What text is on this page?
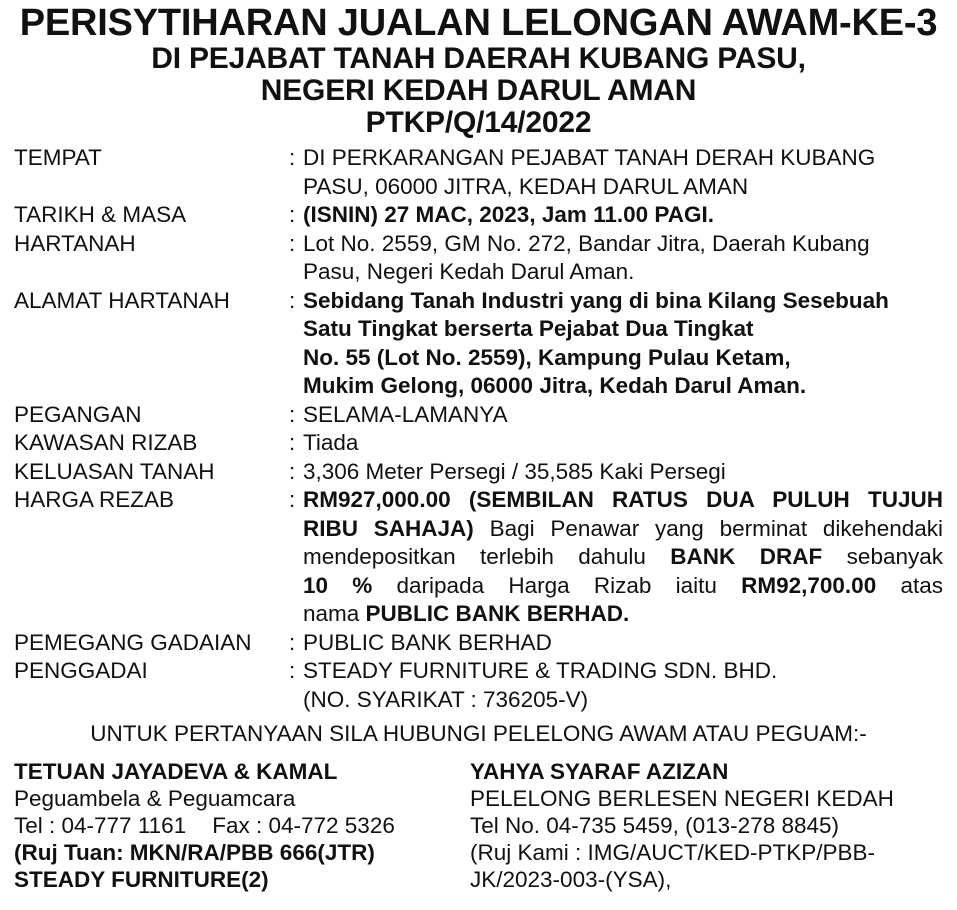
PERISYTIHARAN JUALAN LELONGAN AWAM-KE-3
DI PEJABAT TANAH DAERAH KUBANG PASU,
NEGERI KEDAH DARUL AMAN
PTKP/Q/14/2022
TEMPAT	: DI PERKARANGAN PEJABAT TANAH DERAH KUBANG
PASU, 06000 JITRA, KEDAH DARUL AMAN
TARIKH & MASA	: (ISNIN) 27 MAC, 2023, Jam 11.00 PAGI.
HARTANAH	: Lot No. 2559, GM No. 272, Bandar Jitra, Daerah Kubang
Pasu, Negeri Kedah Darul Aman.
ALAMAT HARTANAH	: Sebidang Tanah Industri yang di bina Kilang Sesebuah
Satu Tingkat berserta Pejabat Dua Tingkat
No. 55 (Lot No. 2559), Kampung Pulau Ketam,
Mukim Gelong, 06000 Jitra, Kedah Darul Aman.
PEGANGAN	: SELAMA-LAMANYA
KAWASAN RIZAB	: Tiada
KELUASAN TANAH	: 3,306 Meter Persegi / 35,585 Kaki Persegi
HARGA REZAB	: RM927,000.00 (SEMBILAN RATUS DUA PULUH TUJUH
RIBU SAHAJA) Bagi Penawar yang berminat dikehendaki
mendepositkan terlebih dahulu BANK DRAF sebanyak
10 % daripada Harga Rizab iaitu RM92,700.00 atas
nama PUBLIC BANK BERHAD.
PEMEGANG GADAIAN	: PUBLIC BANK BERHAD
PENGGADAI	: STEADY FURNITURE & TRADING SDN. BHD.
(NO. SYARIKAT : 736205-V)
UNTUK PERTANYAAN SILA HUBUNGI PELELONG AWAM ATAU PEGUAM:-
TETUAN JAYADEVA & KAMAL
Peguambela & Peguamcara
Tel : 04-777 1161 Fax : 04-772 5326
(Ruj Tuan: MKN/RA/PBB 666(JTR)
STEADY FURNITURE(2)
YAHYA SYARAF AZIZAN
PELELONG BERLESEN NEGERI KEDAH
Tel No. 04-735 5459, (013-278 8845)
(Ruj Kami : IMG/AUCT/KED-PTKP/PBB-
JK/2023-003-(YSA),
